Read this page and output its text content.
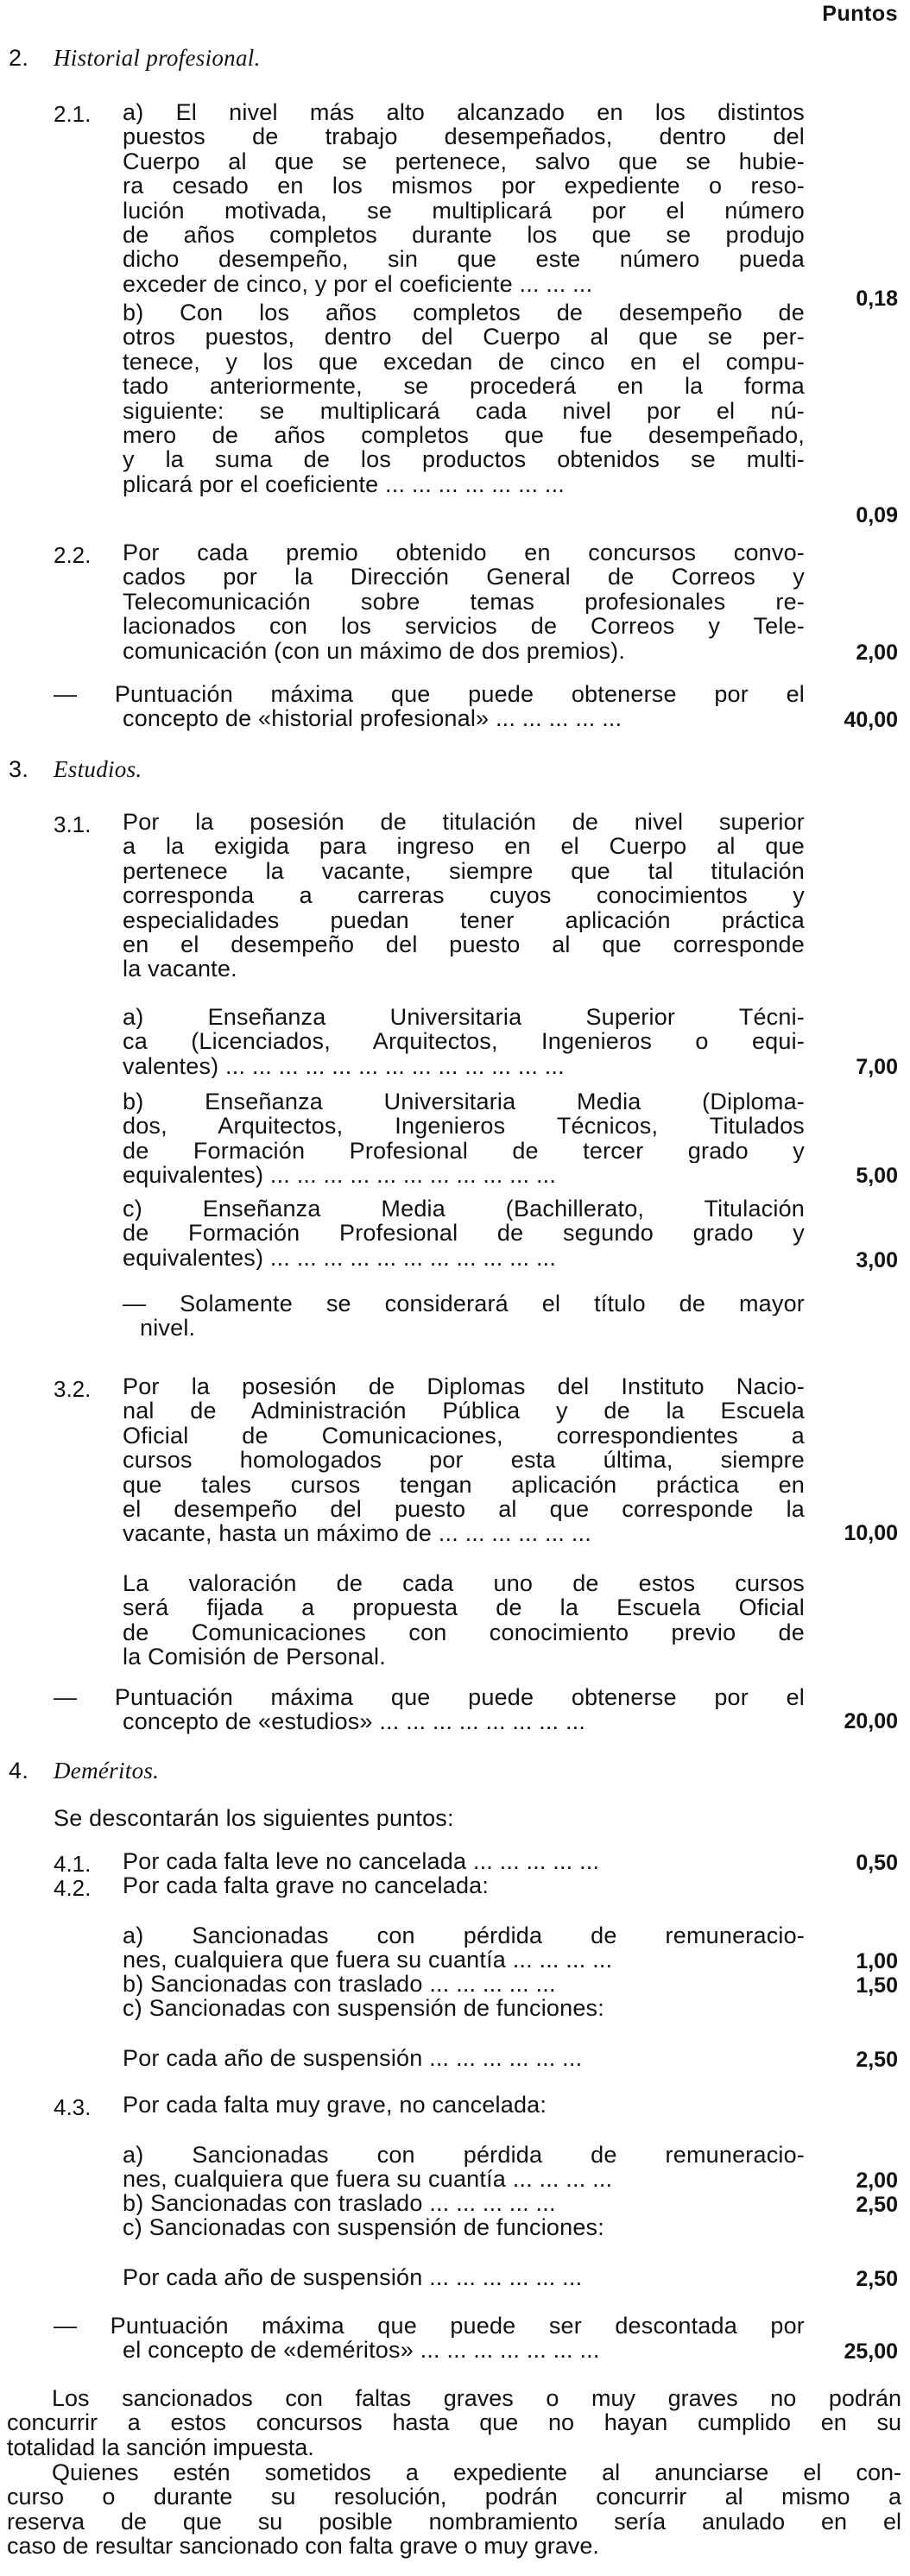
Puntos
2. Historial profesional.
2.1. a) El nivel más alto alcanzado en los distintos
puestos de trabajo desempeñados, dentro del
Cuerpo al que se pertenece, salvo que se hubie-
ra cesado en los mismos por expediente o reso-
lución motivada, se multiplicará por el número
de años completos durante los que se produjo
dicho desempeño, sin que este número pueda
exceder de cinco, y por el coeficiente ... ... ...
0,18
b) Con los años completos de desempeño de
otros puestos, dentro del Cuerpo al que se per-
tenece, y los que excedan de cinco en el compu-
tado anteriormente, se procederá en la forma
siguiente: se multiplicará cada nivel por el nú-
mero de años completos que fue desempeñado,
y la suma de los productos obtenidos se multi-
plicará por el coeficiente ... ... ... ... ... ... ...
0,09
2.2. Por cada premio obtenido en concursos convo-
cados por la Dirección General de Correos y
Telecomunicación sobre temas profesionales re-
lacionados con los servicios de Correos y Tele-
comunicación (con un máximo de dos premios).	2,00
— Puntuación máxima que puede obtenerse por el
concepto de «historial profesional» ... ... ... ... ...	40,00
3. Estudios.
3.1. Por la posesión de titulación de nivel superior
a la exigida para ingreso en el Cuerpo al que
pertenece la vacante, siempre que tal titulación
corresponda a carreras cuyos conocimientos y
especialidades puedan tener aplicación práctica
en el desempeño del puesto al que corresponde
la vacante.
a) Enseñanza Universitaria Superior Técni-
ca (Licenciados, Arquitectos, Ingenieros o equi-
valentes) ... ... ... ... ... ... ... ... ... ... ... ... ...	7,00
b) Enseñanza Universitaria Media (Diploma-
dos, Arquitectos, Ingenieros Técnicos, Titulados
de Formación Profesional de tercer grado y
equivalentes) ... ... ... ... ... ... ... ... ... ... ...	5,00
c) Enseñanza Media (Bachillerato, Titulación
de Formación Profesional de segundo grado y
equivalentes) ... ... ... ... ... ... ... ... ... ... ...	3,00
— Solamente se considerará el título de mayor
nivel.
3.2. Por la posesión de Diplomas del Instituto Nacio-
nal de Administración Pública y de la Escuela
Oficial de Comunicaciones, correspondientes a
cursos homologados por esta última, siempre
que tales cursos tengan aplicación práctica en
el desempeño del puesto al que corresponde la
vacante, hasta un máximo de ... ... ... ... ... ...	10,00
La valoración de cada uno de estos cursos
será fijada a propuesta de la Escuela Oficial
de Comunicaciones con conocimiento previo de
la Comisión de Personal.
— Puntuación máxima que puede obtenerse por el
concepto de «estudios» ... ... ... ... ... ... ... ...	20,00
4. Deméritos.
Se descontarán los siguientes puntos:
4.1. Por cada falta leve no cancelada ... ... ... ... ...	0,50
4.2. Por cada falta grave no cancelada:
a) Sancionadas con pérdida de remuneracio-
nes, cualquiera que fuera su cuantía ... ... ... ...	1,00
b) Sancionadas con traslado ... ... ... ... ...	1,50
c) Sancionadas con suspensión de funciones:
Por cada año de suspensión ... ... ... ... ... ...	2,50
4.3. Por cada falta muy grave, no cancelada:
a) Sancionadas con pérdida de remuneracio-
nes, cualquiera que fuera su cuantía ... ... ... ...	2,00
b) Sancionadas con traslado ... ... ... ... ...	2,50
c) Sancionadas con suspensión de funciones:
Por cada año de suspensión ... ... ... ... ... ...	2,50
— Puntuación máxima que puede ser descontada por
el concepto de «deméritos» ... ... ... ... ... ... ...	25,00
Los sancionados con faltas graves o muy graves no podrán
concurrir a estos concursos hasta que no hayan cumplido en su
totalidad la sanción impuesta.
Quienes estén sometidos a expediente al anunciarse el con-
curso o durante su resolución, podrán concurrir al mismo a
reserva de que su posible nombramiento sería anulado en el
caso de resultar sancionado con falta grave o muy grave.
